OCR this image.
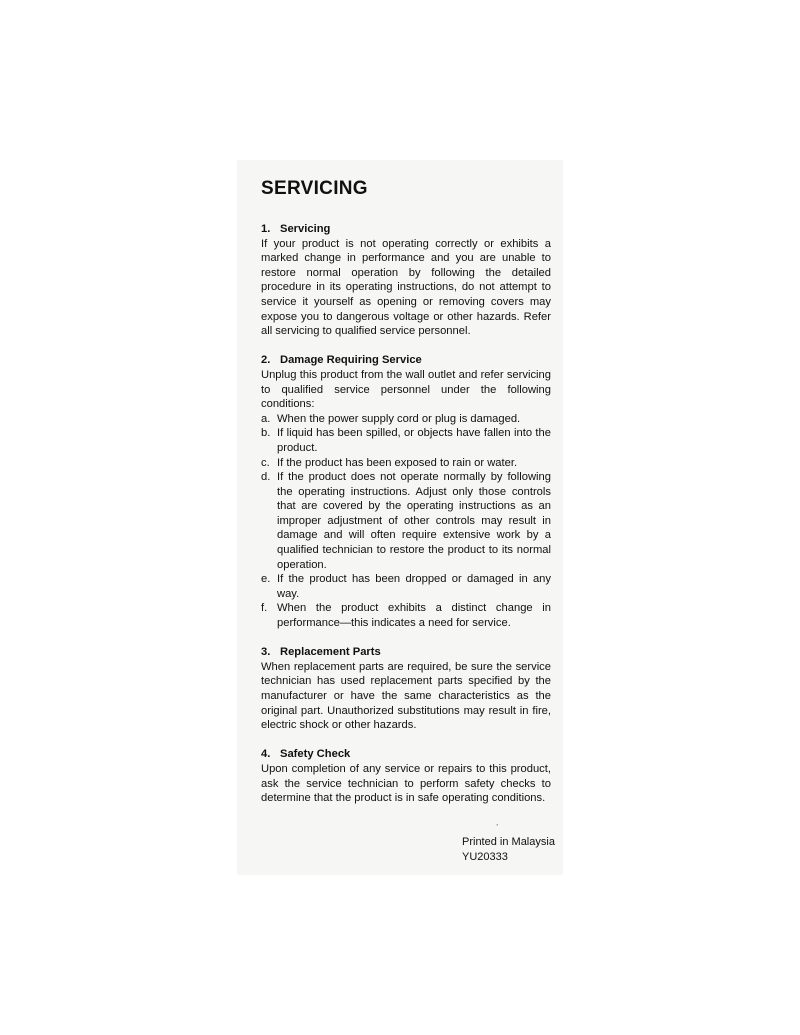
SERVICING
1. Servicing

If your product is not operating correctly or exhibits a marked change in performance and you are unable to restore normal operation by following the detailed procedure in its operating instructions, do not attempt to service it yourself as opening or removing covers may expose you to dangerous voltage or other hazards. Refer all servicing to qualified service personnel.

2. Damage Requiring Service

Unplug this product from the wall outlet and refer servicing to qualified service personnel under the following conditions:

a. When the power supply cord or plug is damaged.
b. If liquid has been spilled, or objects have fallen into the product.
c. If the product has been exposed to rain or water.
d. If the product does not operate normally by following the operating instructions. Adjust only those controls that are covered by the operating instructions as an improper adjustment of other controls may result in damage and will often require extensive work by a qualified technician to restore the product to its normal operation.
e. If the product has been dropped or damaged in any way.
f. When the product exhibits a distinct change in performance—this indicates a need for service.
3. Replacement Parts

When replacement parts are required, be sure the service technician has used replacement parts specified by the manufacturer or have the same characteristics as the original part. Unauthorized substitutions may result in fire, electric shock or other hazards.

4. Safety Check

Upon completion of any service or repairs to this product, ask the service technician to perform safety checks to determine that the product is in safe operating conditions.

,
Printed in Malaysia
YU20333
